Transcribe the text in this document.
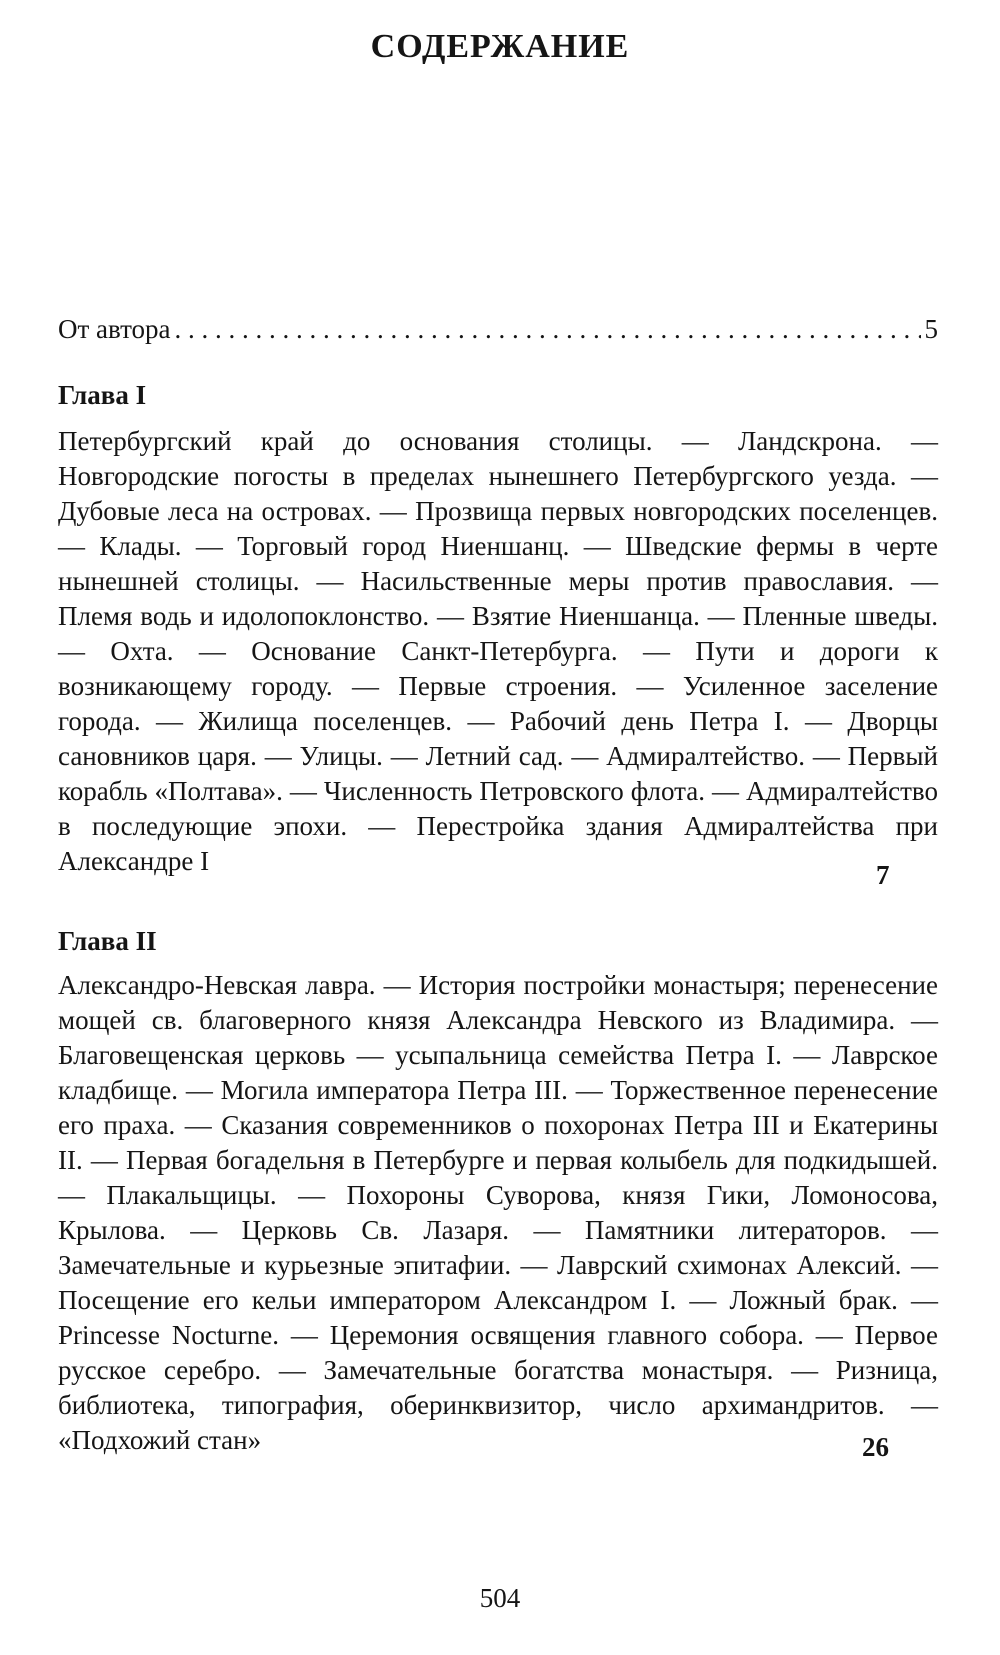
СОДЕРЖАНИЕ
От автора
. . .	5
Глава I
Петербургский край до основания столицы. — Ландскрона. — Новгородские погосты в пределах нынешнего Петербургского уезда. — Дубовые леса на островах. — Прозвища первых новгородских поселенцев. — Клады. — Торговый город Ниеншанц. — Шведские фермы в черте нынешней столицы. — Насильственные меры против православия. — Племя водь и идолопоклонство. — Взятие Ниеншанца. — Пленные шведы. — Охта. — Основание Санкт-Петербурга. — Пути и дороги к возникающему городу. — Первые строения. — Усиленное заселение города. — Жилища поселенцев. — Рабочий день Петра I. — Дворцы сановников царя. — Улицы. — Летний сад. — Адмиралтейство. — Первый корабль «Полтава». — Численность Петровского флота. — Адмиралтейство в последующие эпохи. — Перестройка здания Адмиралтейства при Александре I
Глава II
Александро-Невская лавра. — История постройки монастыря; перенесение мощей св. благоверного князя Александра Невского из Владимира. — Благовещенская церковь — усыпальница семейства Петра I. — Лаврское кладбище. — Могила императора Петра III. — Торжественное перенесение его праха. — Сказания современников о похоронах Петра III и Екатерины II. — Первая богадельня в Петербурге и первая колыбель для подкидышей. — Плакальщицы. — Похороны Суворова, князя Гики, Ломоносова, Крылова. — Церковь Св. Лазаря. — Памятники литераторов. — Замечательные и курьезные эпитафии. — Лаврский схимонах Алексий. — Посещение его кельи императором Александром I. — Ложный брак. — Princesse Nocturne. — Церемония освящения главного собора. — Первое русское серебро. — Замечательные богатства монастыря. — Ризница, библиотека, типография, оберинквизитор, число архимандритов. — «Подхожий стан»
7
26

504
